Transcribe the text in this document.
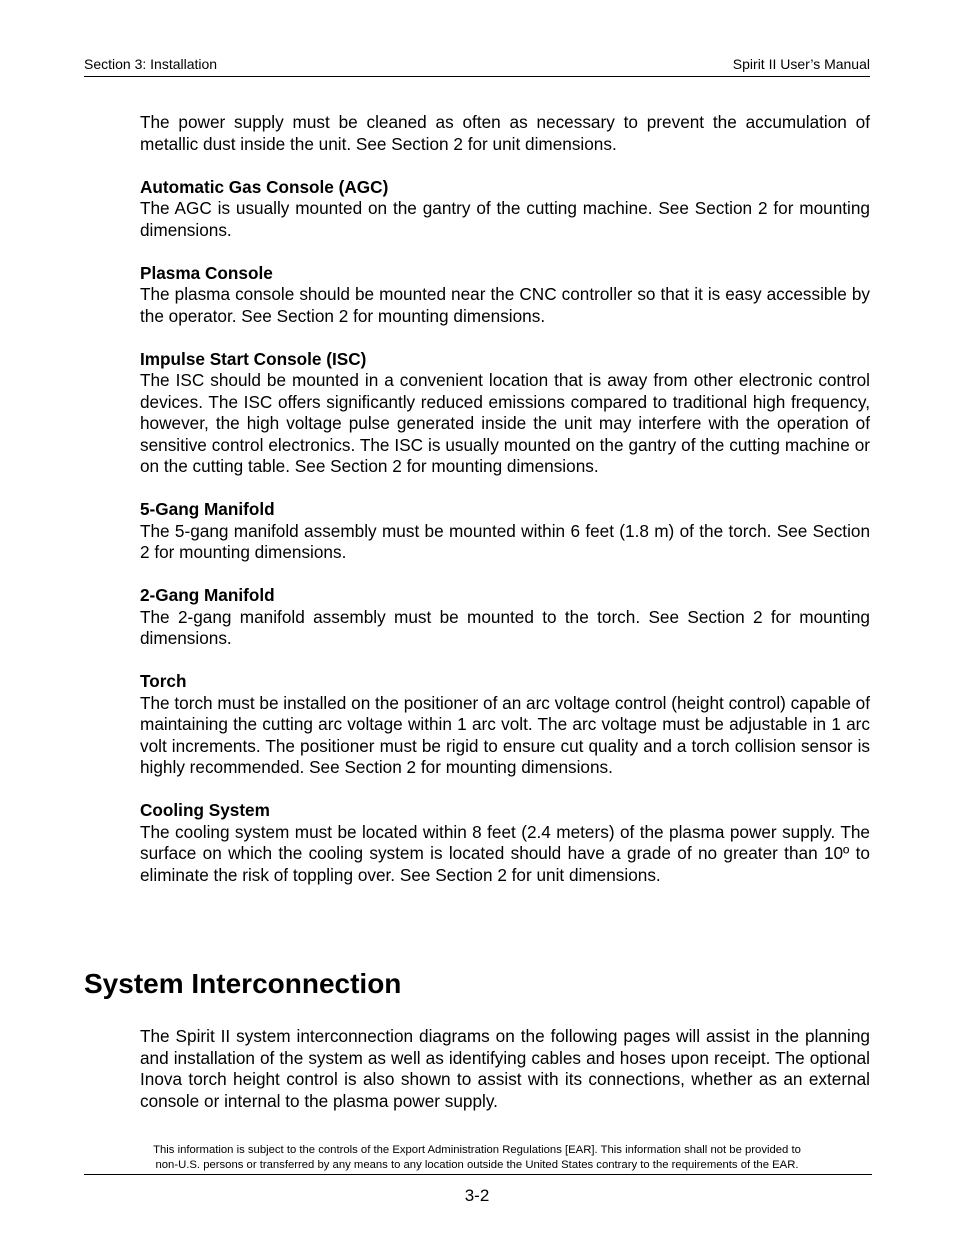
Section 3: Installation	Spirit II User’s Manual

The power supply must be cleaned as often as necessary to prevent the accumulation of metallic dust inside the unit. See Section 2 for unit dimensions.

Automatic Gas Console (AGC)

The AGC is usually mounted on the gantry of the cutting machine. See Section 2 for mounting dimensions.

Plasma Console

The plasma console should be mounted near the CNC controller so that it is easy accessible by the operator. See Section 2 for mounting dimensions.

Impulse Start Console (ISC)

The ISC should be mounted in a convenient location that is away from other electronic control devices. The ISC offers significantly reduced emissions compared to traditional high frequency, however, the high voltage pulse generated inside the unit may interfere with the operation of sensitive control electronics. The ISC is usually mounted on the gantry of the cutting machine or on the cutting table. See Section 2 for mounting dimensions.

5-Gang Manifold

The 5-gang manifold assembly must be mounted within 6 feet (1.8 m) of the torch. See Section 2 for mounting dimensions.

2-Gang Manifold

The 2-gang manifold assembly must be mounted to the torch. See Section 2 for mounting dimensions.

Torch

The torch must be installed on the positioner of an arc voltage control (height control) capable of maintaining the cutting arc voltage within 1 arc volt. The arc voltage must be adjustable in 1 arc volt increments. The positioner must be rigid to ensure cut quality and a torch collision sensor is highly recommended. See Section 2 for mounting dimensions.

Cooling System

The cooling system must be located within 8 feet (2.4 meters) of the plasma power supply. The surface on which the cooling system is located should have a grade of no greater than 10º to eliminate the risk of toppling over. See Section 2 for unit dimensions.

System Interconnection

The Spirit II system interconnection diagrams on the following pages will assist in the planning and installation of the system as well as identifying cables and hoses upon receipt. The optional Inova torch height control is also shown to assist with its connections, whether as an external console or internal to the plasma power supply.

This information is subject to the controls of the Export Administration Regulations [EAR]. This information shall not be provided to
non-U.S. persons or transferred by any means to any location outside the United States contrary to the requirements of the EAR.
3-2
